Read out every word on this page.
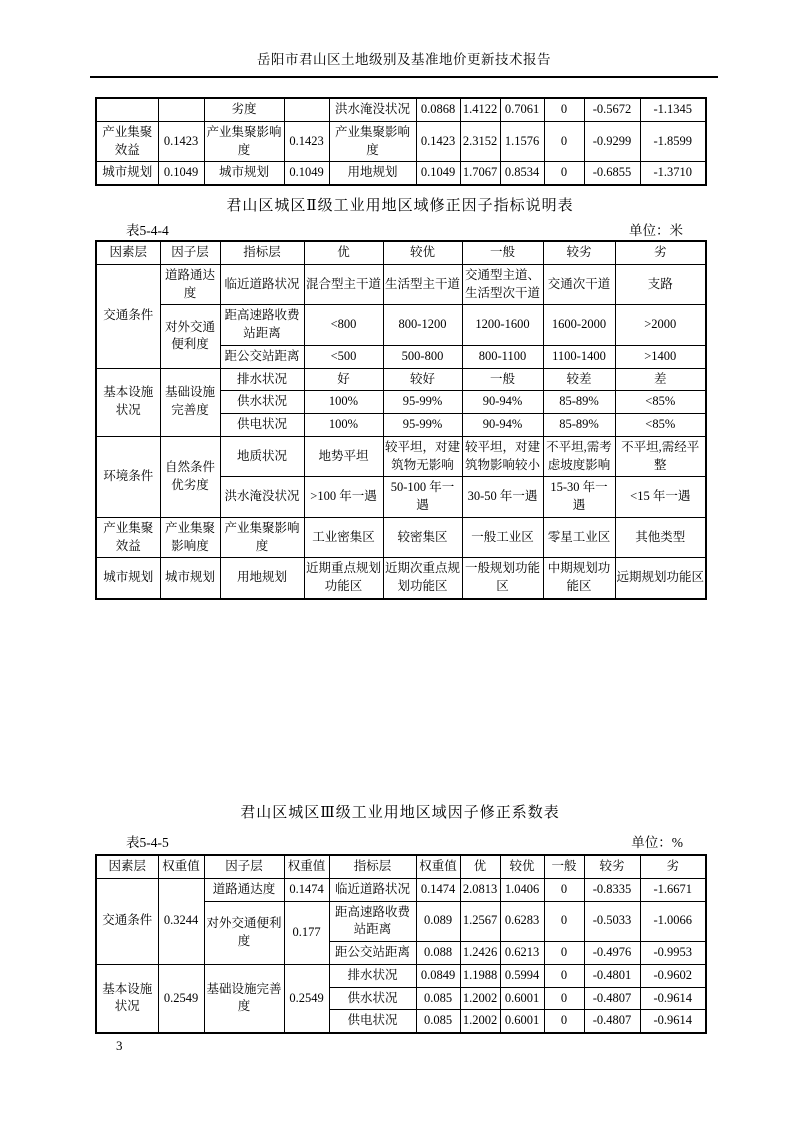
岳阳市君山区土地级别及基准地价更新技术报告
		劣度		洪水淹没状况	0.0868	1.4122	0.7061	0	-0.5672	-1.1345
产业集聚效益	0.1423	产业集聚影响度	0.1423	产业集聚影响度	0.1423	2.3152	1.1576	0	-0.9299	-1.8599
城市规划	0.1049	城市规划	0.1049	用地规划	0.1049	1.7067	0.8534	0	-0.6855	-1.3710
君山区城区Ⅱ级工业用地区域修正因子指标说明表
表5-4-4	单位：米
因素层	因子层	指标层	优	较优	一般	较劣	劣
交通条件	道路通达度	临近道路状况	混合型主干道	生活型主干道	交通型主道、生活型次干道	交通次干道	支路
	对外交通便利度	距高速路收费站距离	<800	800-1200	1200-1600	1600-2000	>2000
		距公交站距离	<500	500-800	800-1100	1100-1400	>1400
基本设施状况	基础设施完善度	排水状况	好	较好	一般	较差	差
		供水状况	100%	95-99%	90-94%	85-89%	<85%
		供电状况	100%	95-99%	90-94%	85-89%	<85%
环境条件	自然条件优劣度	地质状况	地势平坦	较平坦，对建筑物无影响	较平坦，对建筑物影响较小	不平坦,需考虑坡度影响	不平坦,需经平整
		洪水淹没状况	>100 年一遇	50-100 年一遇	30-50 年一遇	15-30 年一遇	<15 年一遇
产业集聚效益	产业集聚影响度	产业集聚影响度	工业密集区	较密集区	一般工业区	零星工业区	其他类型
城市规划	城市规划	用地规划	近期重点规划功能区	近期次重点规划功能区	一般规划功能区	中期规划功能区	远期规划功能区
君山区城区Ⅲ级工业用地区域因子修正系数表
表5-4-5	单位：%
因素层	权重值	因子层	权重值	指标层	权重值	优	较优	一般	较劣	劣
交通条件	0.3244	道路通达度	0.1474	临近道路状况	0.1474	2.0813	1.0406	0	-0.8335	-1.6671
		对外交通便利度	0.177	距高速路收费站距离	0.089	1.2567	0.6283	0	-0.5033	-1.0066
				距公交站距离	0.088	1.2426	0.6213	0	-0.4976	-0.9953
基本设施状况	0.2549	基础设施完善度	0.2549	排水状况	0.0849	1.1988	0.5994	0	-0.4801	-0.9602
				供水状况	0.085	1.2002	0.6001	0	-0.4807	-0.9614
				供电状况	0.085	1.2002	0.6001	0	-0.4807	-0.9614
3
